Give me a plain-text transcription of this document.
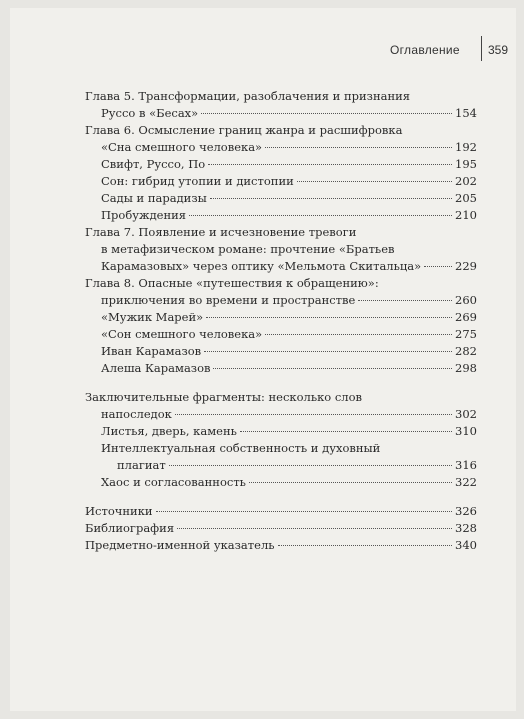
Оглавление 359
Глава 5. Трансформации, разоблачения и признания
Руссо в «Бесах»	154
Глава 6. Осмысление границ жанра и расшифровка
«Сна смешного человека»	192
Свифт, Руссо, По	195
Сон: гибрид утопии и дистопии	202
Сады и парадизы	205
Пробуждения	210
Глава 7. Появление и исчезновение тревоги
в метафизическом романе: прочтение «Братьев
Карамазовых» через оптику «Мельмота Скитальца»	229
Глава 8. Опасные «путешествия к обращению»:
приключения во времени и пространстве	260
«Мужик Марей»	269
«Сон смешного человека»	275
Иван Карамазов	282
Алеша Карамазов	298
Заключительные фрагменты: несколько слов
напоследок	302
Листья, дверь, камень	310
Интеллектуальная собственность и духовный
плагиат	316
Хаос и согласованность	322
Источники	326
Библиография	328
Предметно-именной указатель	340
